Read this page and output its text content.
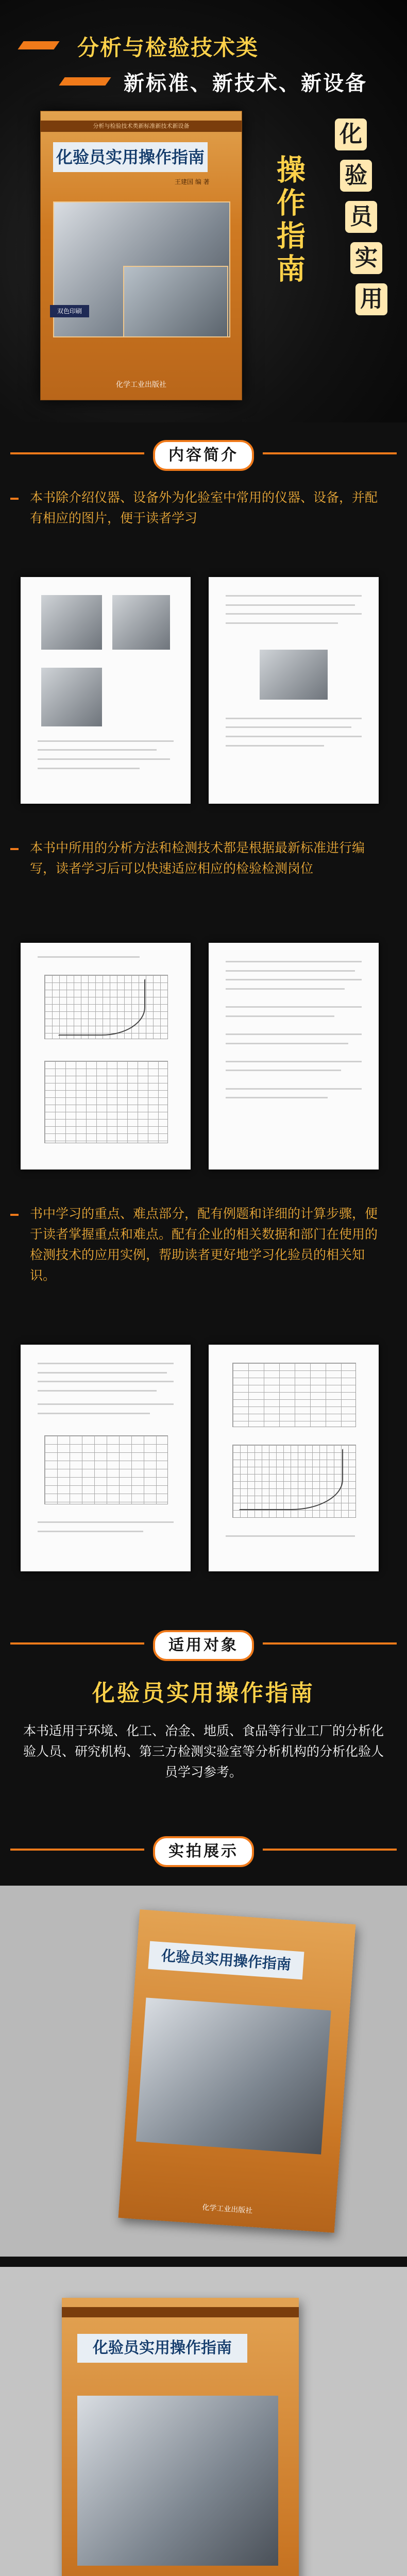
分析与检验技术类
新标准、新技术、新设备
分析与检验技术类新标准新技术新设备
化验员实用操作指南
王建国 编 著
双色印刷
化学工业出版社
操作指南
化
验
员
实
用
内容简介
本书除介绍仪器、设备外为化验室中常用的仪器、设备，并配有相应的图片，便于读者学习
本书中所用的分析方法和检测技术都是根据最新标准进行编写，读者学习后可以快速适应相应的检验检测岗位
书中学习的重点、难点部分，配有例题和详细的计算步骤，便于读者掌握重点和难点。配有企业的相关数据和部门在使用的检测技术的应用实例，帮助读者更好地学习化验员的相关知识。
适用对象
化验员实用操作指南
本书适用于环境、化工、冶金、地质、食品等行业工厂的分析化验人员、研究机构、第三方检测实验室等分析机构的分析化验人员学习参考。
实拍展示
化验员实用操作指南
化学工业出版社
化验员实用操作指南
